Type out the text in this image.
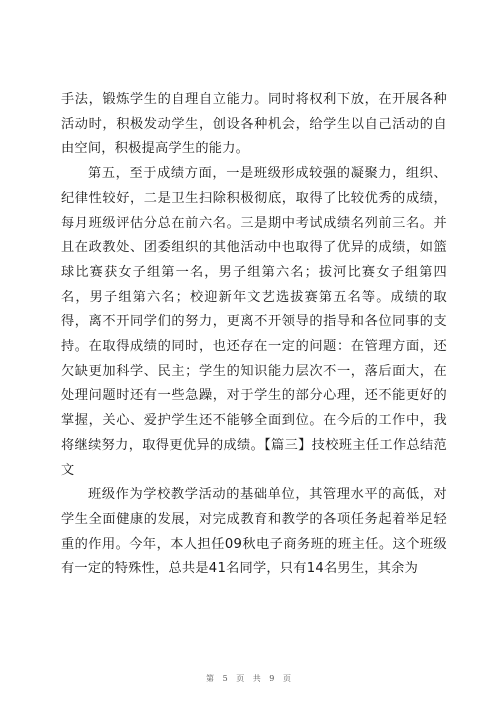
手法，锻炼学生的自理自立能力。同时将权利下放，在开展各种活动时，积极发动学生，创设各种机会，给学生以自己活动的自由空间，积极提高学生的能力。

第五，至于成绩方面，一是班级形成较强的凝聚力，组织、纪律性较好，二是卫生扫除积极彻底，取得了比较优秀的成绩，每月班级评估分总在前六名。三是期中考试成绩名列前三名。并且在政教处、团委组织的其他活动中也取得了优异的成绩，如篮球比赛获女子组第一名，男子组第六名；拔河比赛女子组第四名，男子组第六名；校迎新年文艺选拔赛第五名等。成绩的取得，离不开同学们的努力，更离不开领导的指导和各位同事的支持。在取得成绩的同时，也还存在一定的问题：在管理方面，还欠缺更加科学、民主；学生的知识能力层次不一，落后面大，在处理问题时还有一些急躁，对于学生的部分心理，还不能更好的掌握，关心、爱护学生还不能够全面到位。在今后的工作中，我将继续努力，取得更优异的成绩。【篇三】技校班主任工作总结范文

班级作为学校教学活动的基础单位，其管理水平的高低，对学生全面健康的发展，对完成教育和教学的各项任务起着举足轻重的作用。今年，本人担任09秋电子商务班的班主任。这个班级有一定的特殊性，总共是41名同学，只有14名男生，其余为

第 5 页 共 9 页
